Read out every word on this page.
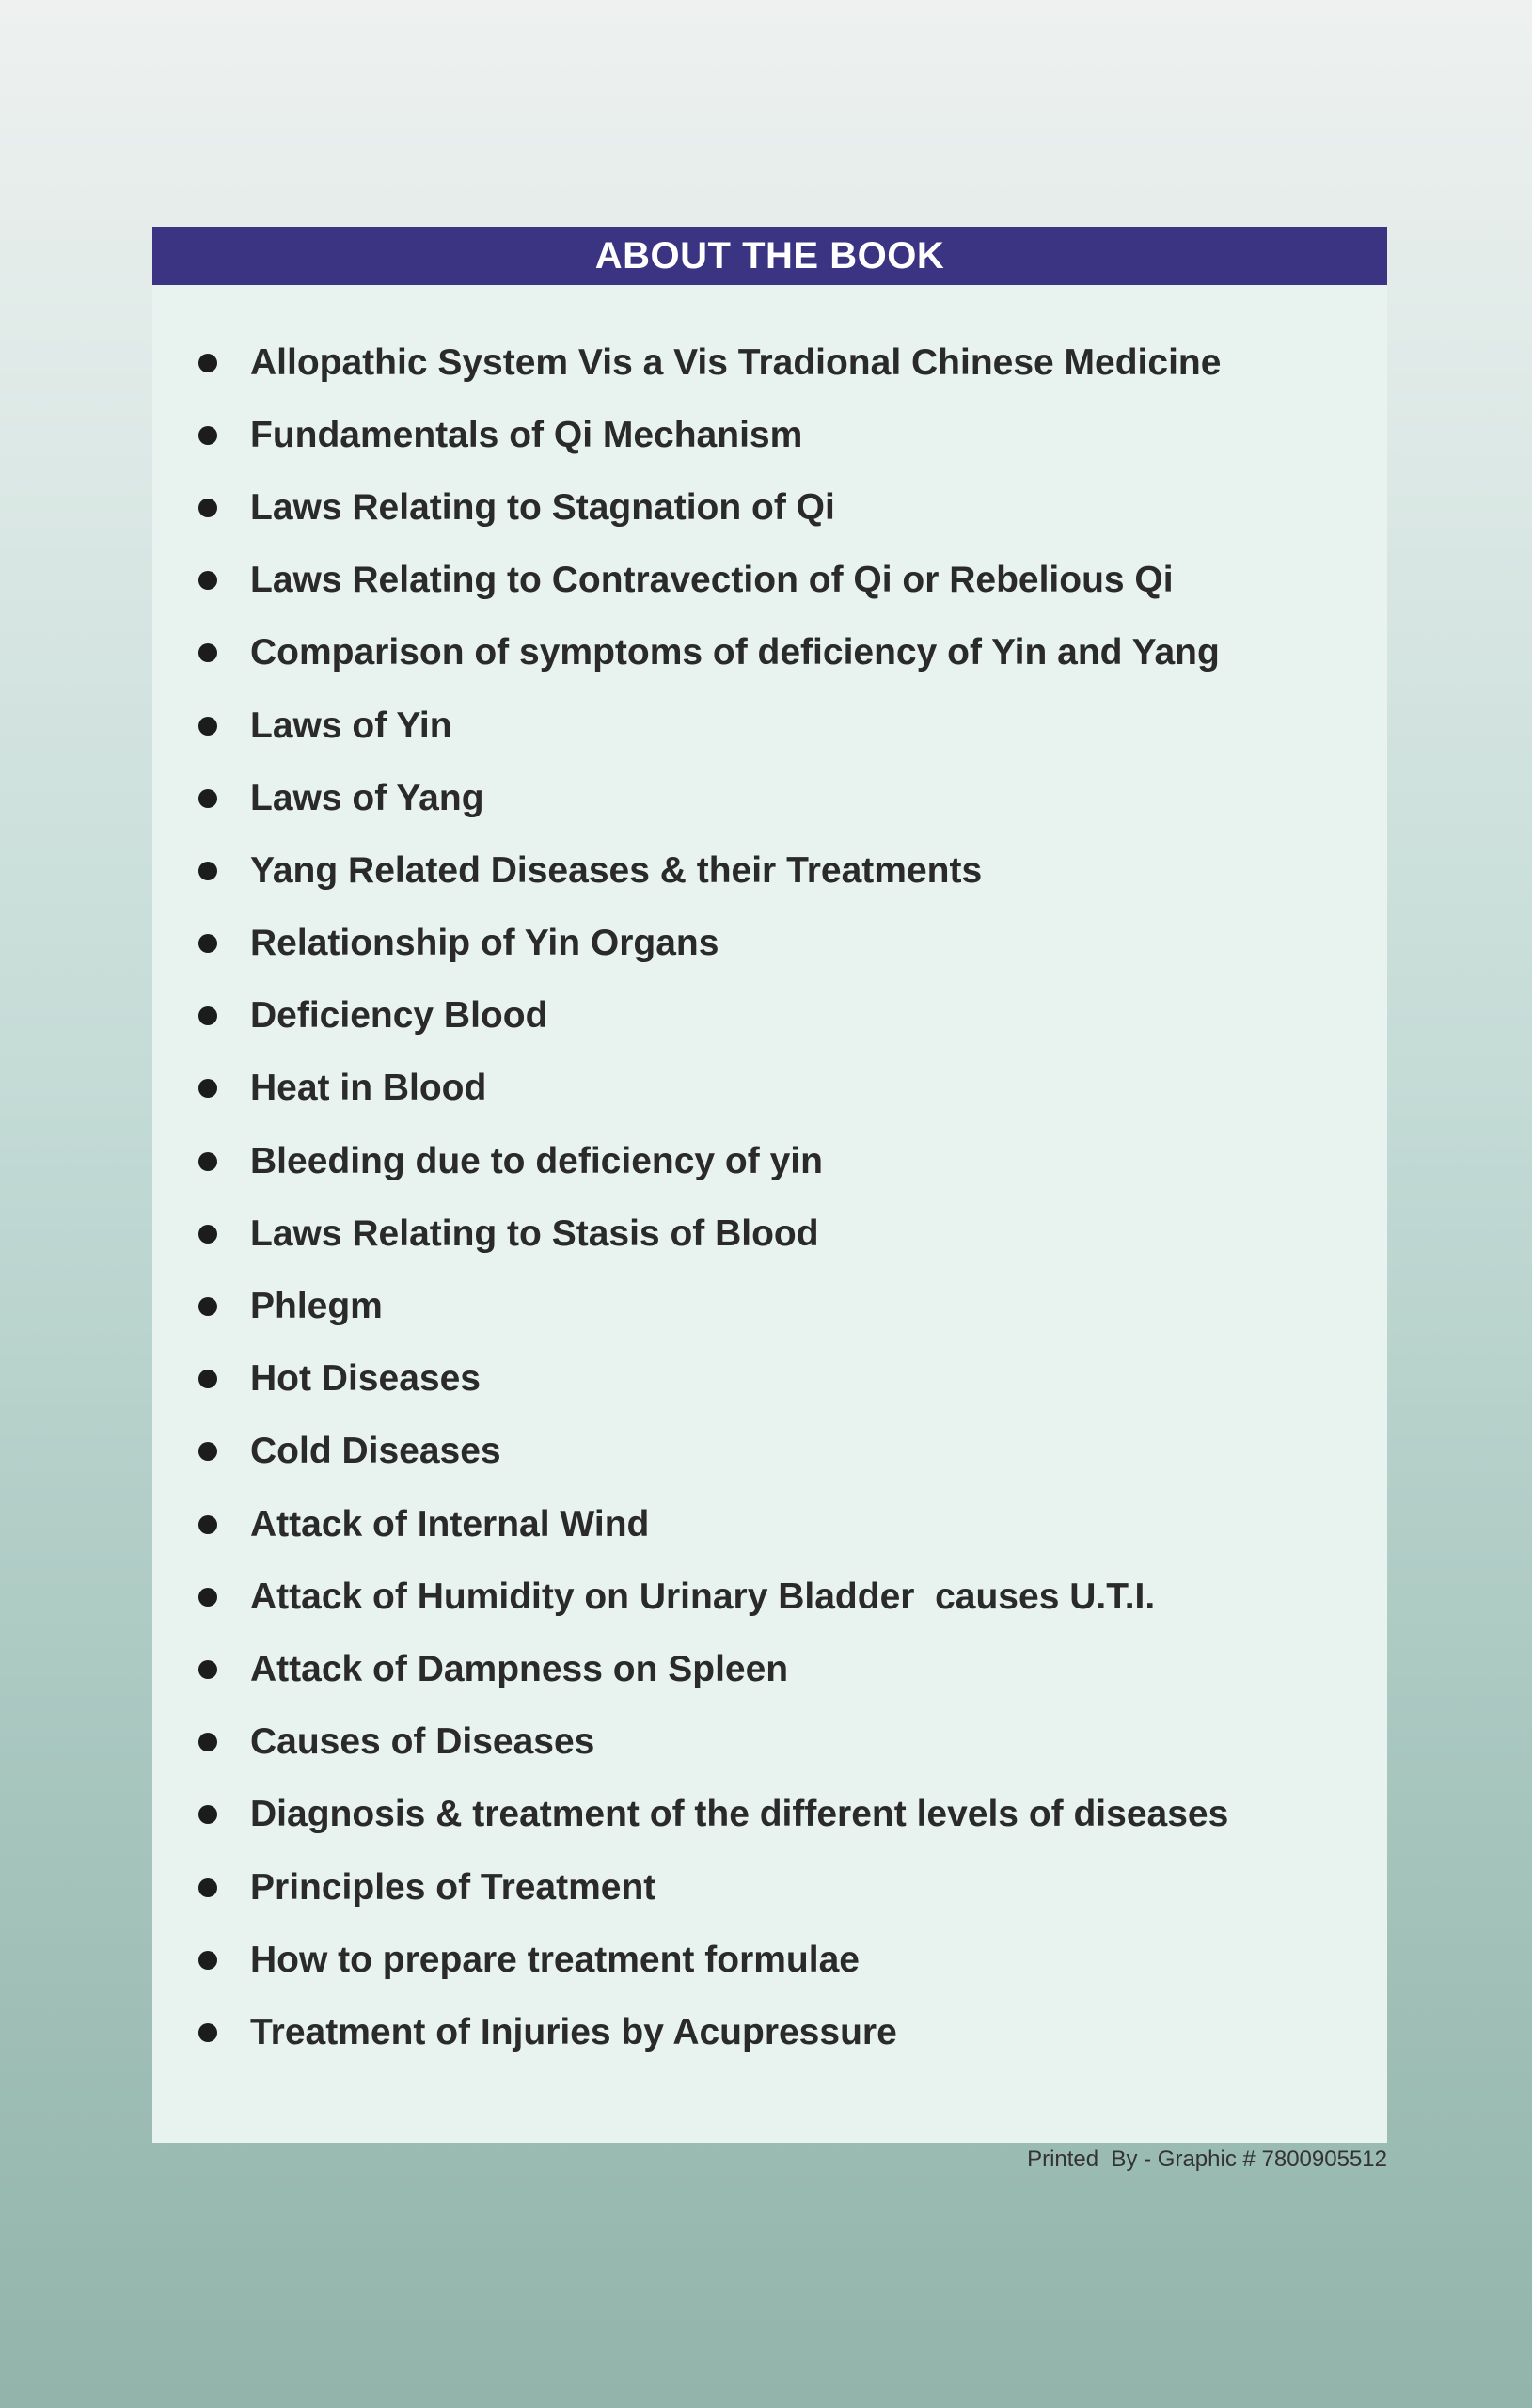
ABOUT THE BOOK
Allopathic System Vis a Vis Tradional Chinese Medicine
Fundamentals of Qi Mechanism
Laws Relating to Stagnation of Qi
Laws Relating to Contravection of Qi or Rebelious Qi
Comparison of symptoms of deficiency of Yin and Yang
Laws of Yin
Laws of Yang
Yang Related Diseases & their Treatments
Relationship of Yin Organs
Deficiency Blood
Heat in Blood
Bleeding due to deficiency of yin
Laws Relating to Stasis of Blood
Phlegm
Hot Diseases
Cold Diseases
Attack of Internal Wind
Attack of Humidity on Urinary Bladder  causes U.T.I.
Attack of Dampness on Spleen
Causes of Diseases
Diagnosis & treatment of the different levels of diseases
Principles of Treatment
How to prepare treatment formulae
Treatment of Injuries by Acupressure
Printed  By - Graphic # 7800905512
